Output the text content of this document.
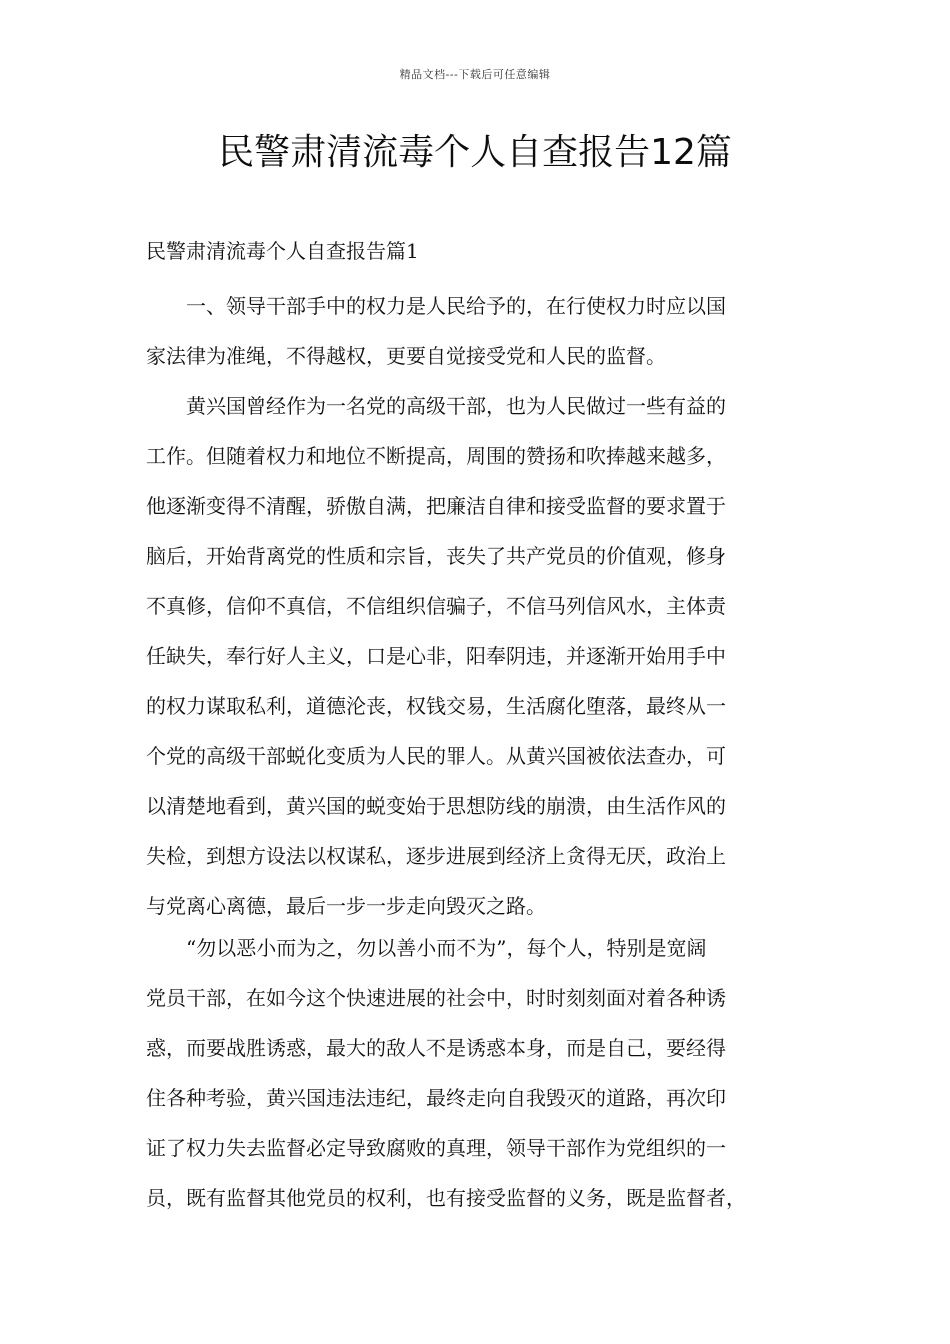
精品文档---下载后可任意编辑
民警肃清流毒个人自查报告12篇
民警肃清流毒个人自查报告篇1
一、领导干部手中的权力是人民给予的，在行使权力时应以国
家法律为准绳，不得越权，更要自觉接受党和人民的监督。
黄兴国曾经作为一名党的高级干部，也为人民做过一些有益的
工作。但随着权力和地位不断提高，周围的赞扬和吹捧越来越多，
他逐渐变得不清醒，骄傲自满，把廉洁自律和接受监督的要求置于
脑后，开始背离党的性质和宗旨，丧失了共产党员的价值观，修身
不真修，信仰不真信，不信组织信骗子，不信马列信风水，主体责
任缺失，奉行好人主义，口是心非，阳奉阴违，并逐渐开始用手中
的权力谋取私利，道德沦丧，权钱交易，生活腐化堕落，最终从一
个党的高级干部蜕化变质为人民的罪人。从黄兴国被依法查办，可
以清楚地看到，黄兴国的蜕变始于思想防线的崩溃，由生活作风的
失检，到想方设法以权谋私，逐步进展到经济上贪得无厌，政治上
与党离心离德，最后一步一步走向毁灭之路。
“勿以恶小而为之，勿以善小而不为”，每个人，特别是宽阔
党员干部，在如今这个快速进展的社会中，时时刻刻面对着各种诱
惑，而要战胜诱惑，最大的敌人不是诱惑本身，而是自己，要经得
住各种考验，黄兴国违法违纪，最终走向自我毁灭的道路，再次印
证了权力失去监督必定导致腐败的真理，领导干部作为党组织的一
员，既有监督其他党员的权利，也有接受监督的义务，既是监督者，
